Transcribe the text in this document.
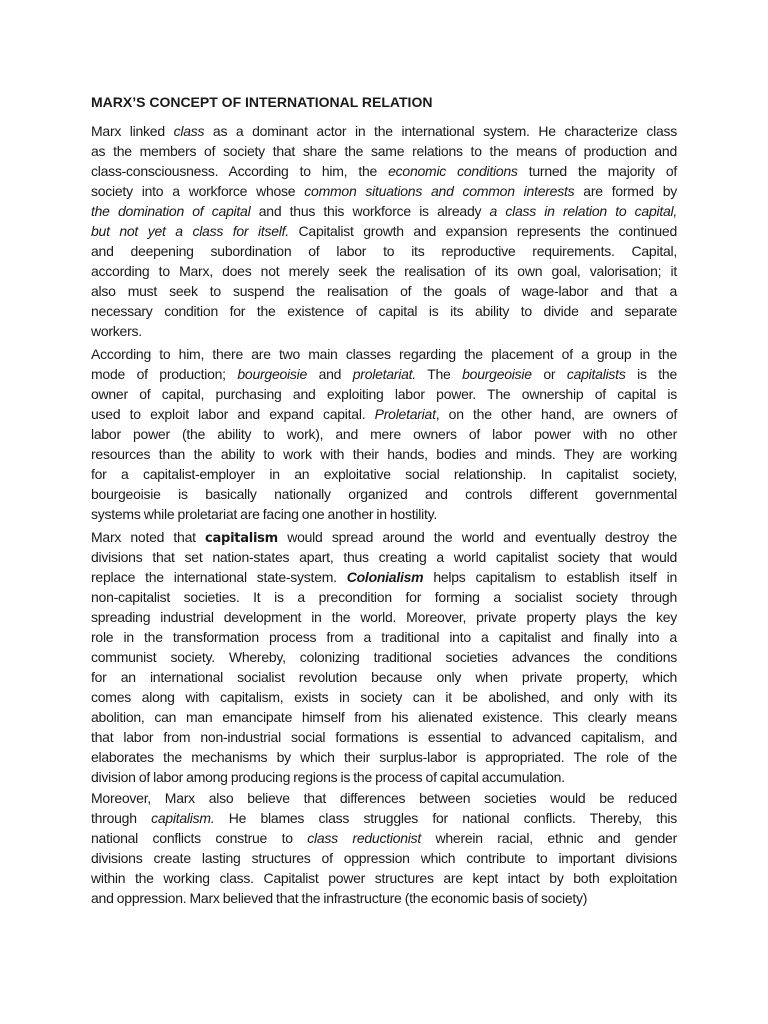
MARX’S CONCEPT OF INTERNATIONAL RELATION
Marx linked class as a dominant actor in the international system. He characterize class
as the members of society that share the same relations to the means of production and
class-consciousness. According to him, the economic conditions turned the majority of
society into a workforce whose common situations and common interests are formed by
the domination of capital and thus this workforce is already a class in relation to capital,
but not yet a class for itself. Capitalist growth and expansion represents the continued
and deepening subordination of labor to its reproductive requirements. Capital,
according to Marx, does not merely seek the realisation of its own goal, valorisation; it
also must seek to suspend the realisation of the goals of wage-labor and that a
necessary condition for the existence of capital is its ability to divide and separate
workers.
According to him, there are two main classes regarding the placement of a group in the
mode of production; bourgeoisie and proletariat. The bourgeoisie or capitalists is the
owner of capital, purchasing and exploiting labor power. The ownership of capital is
used to exploit labor and expand capital. Proletariat, on the other hand, are owners of
labor power (the ability to work), and mere owners of labor power with no other
resources than the ability to work with their hands, bodies and minds. They are working
for a capitalist-employer in an exploitative social relationship. In capitalist society,
bourgeoisie is basically nationally organized and controls different governmental
systems while proletariat are facing one another in hostility.
Marx noted that capitalism would spread around the world and eventually destroy the
divisions that set nation-states apart, thus creating a world capitalist society that would
replace the international state-system. Colonialism helps capitalism to establish itself in
non-capitalist societies. It is a precondition for forming a socialist society through
spreading industrial development in the world. Moreover, private property plays the key
role in the transformation process from a traditional into a capitalist and finally into a
communist society. Whereby, colonizing traditional societies advances the conditions
for an international socialist revolution because only when private property, which
comes along with capitalism, exists in society can it be abolished, and only with its
abolition, can man emancipate himself from his alienated existence. This clearly means
that labor from non-industrial social formations is essential to advanced capitalism, and
elaborates the mechanisms by which their surplus-labor is appropriated. The role of the
division of labor among producing regions is the process of capital accumulation.
Moreover, Marx also believe that differences between societies would be reduced
through capitalism. He blames class struggles for national conflicts. Thereby, this
national conflicts construe to class reductionist wherein racial, ethnic and gender
divisions create lasting structures of oppression which contribute to important divisions
within the working class. Capitalist power structures are kept intact by both exploitation
and oppression. Marx believed that the infrastructure (the economic basis of society)
